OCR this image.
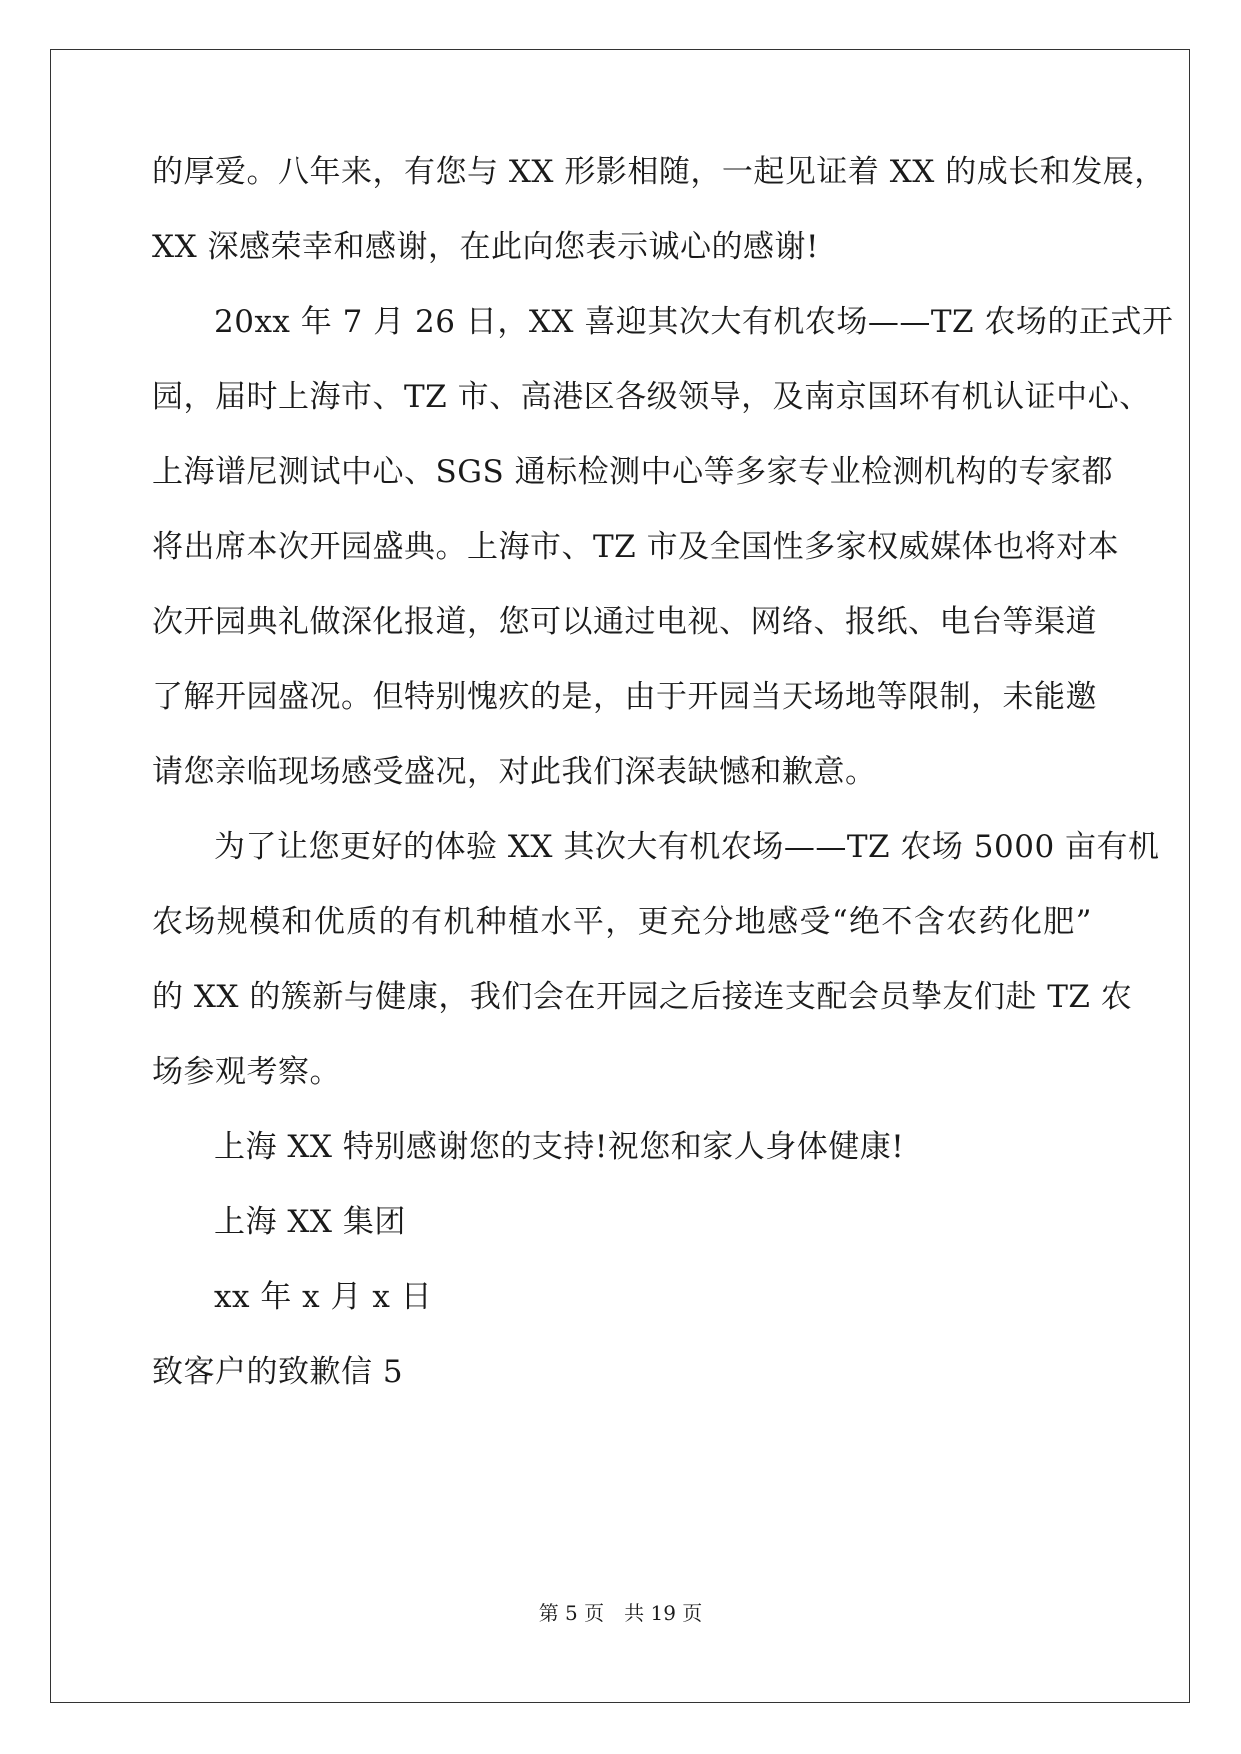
的厚爱。八年来，有您与 XX 形影相随，一起见证着 XX 的成长和发展，
XX 深感荣幸和感谢，在此向您表示诚心的感谢!
20xx 年 7 月 26 日，XX 喜迎其次大有机农场——TZ 农场的正式开
园，届时上海市、TZ 市、高港区各级领导，及南京国环有机认证中心、
上海谱尼测试中心、SGS 通标检测中心等多家专业检测机构的专家都
将出席本次开园盛典。上海市、TZ 市及全国性多家权威媒体也将对本
次开园典礼做深化报道，您可以通过电视、网络、报纸、电台等渠道
了解开园盛况。但特别愧疚的是，由于开园当天场地等限制，未能邀
请您亲临现场感受盛况，对此我们深表缺憾和歉意。
为了让您更好的体验 XX 其次大有机农场——TZ 农场 5000 亩有机
农场规模和优质的有机种植水平，更充分地感受“绝不含农药化肥”
的 XX 的簇新与健康，我们会在开园之后接连支配会员挚友们赴 TZ 农
场参观考察。
上海 XX 特别感谢您的支持!祝您和家人身体健康!
上海 XX 集团
xx 年 x 月 x 日
致客户的致歉信 5
第 5 页 共 19 页
